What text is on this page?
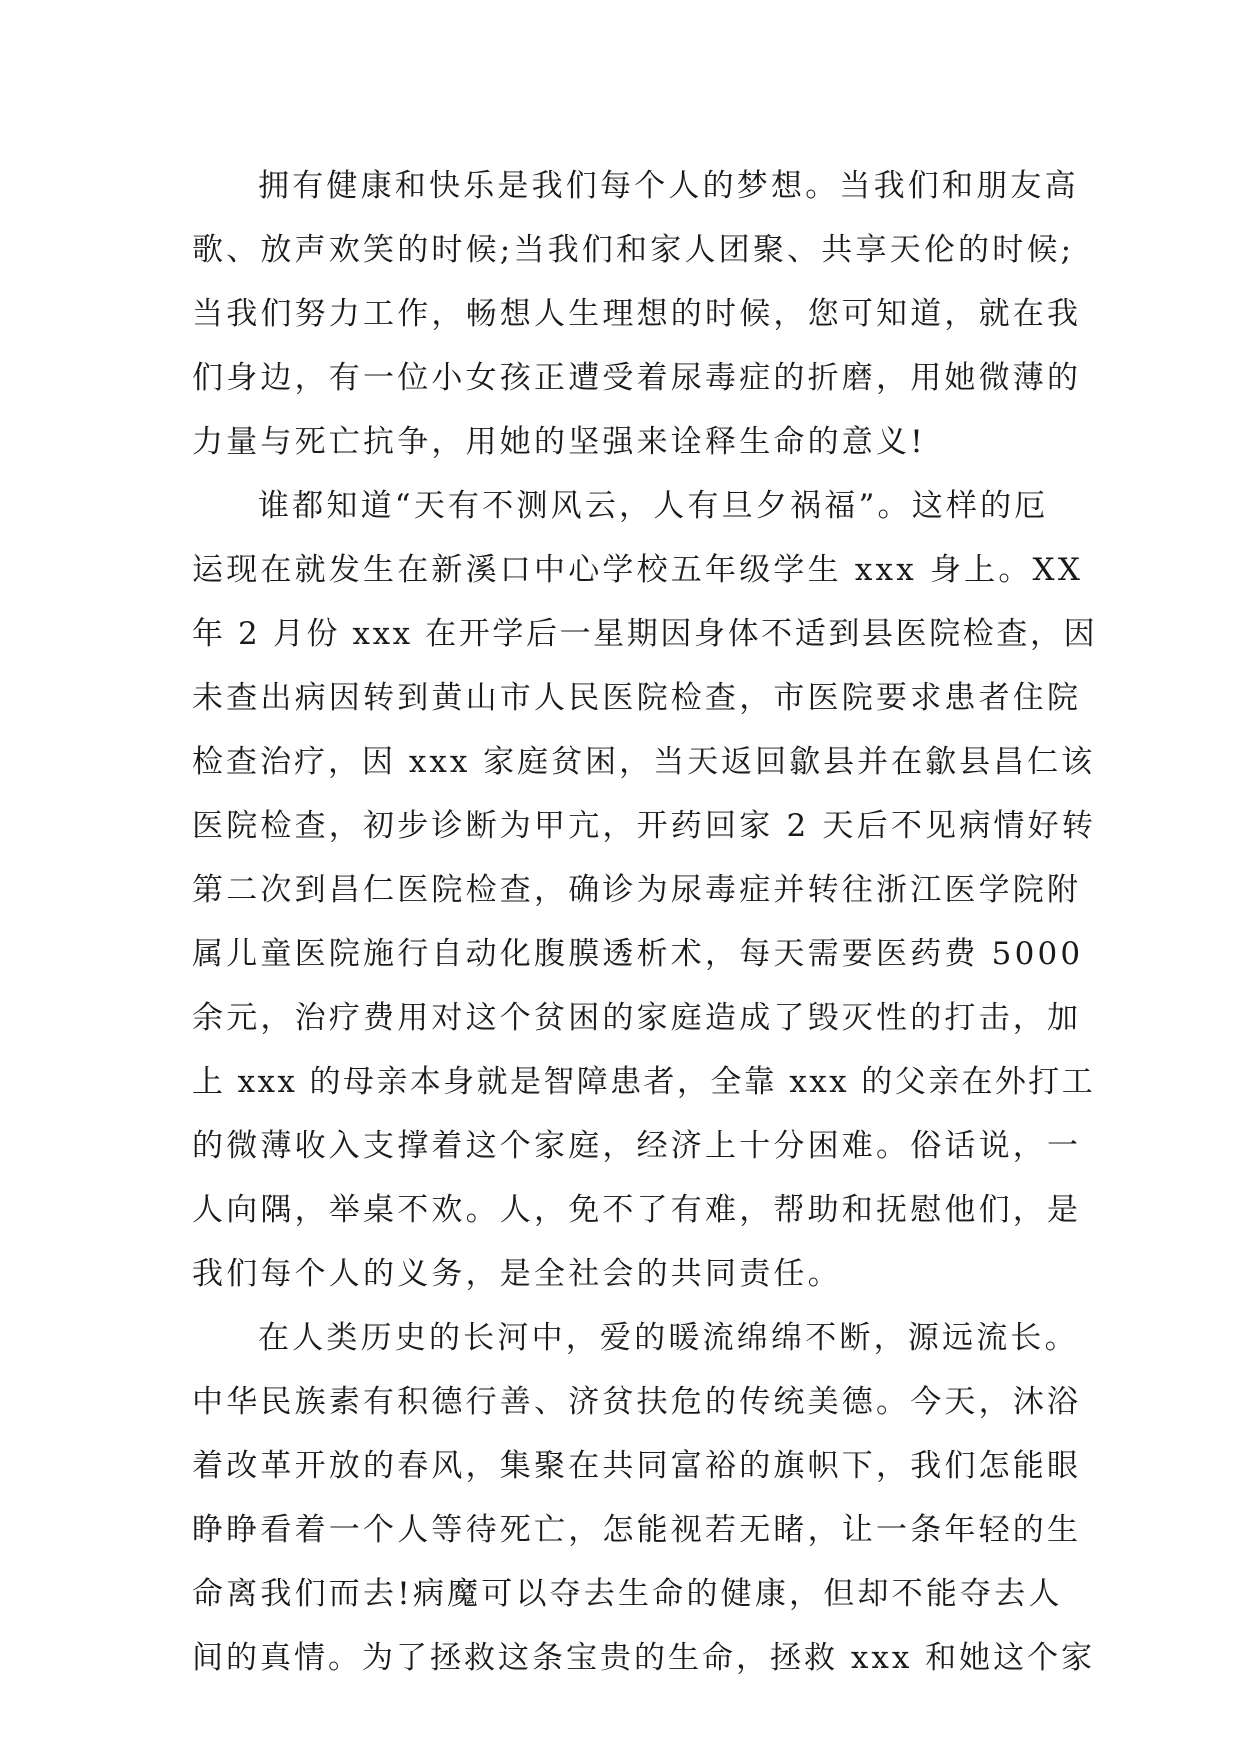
拥有健康和快乐是我们每个人的梦想。当我们和朋友高
歌、放声欢笑的时候;当我们和家人团聚、共享天伦的时候;
当我们努力工作，畅想人生理想的时候，您可知道，就在我
们身边，有一位小女孩正遭受着尿毒症的折磨，用她微薄的
力量与死亡抗争，用她的坚强来诠释生命的意义!
谁都知道“天有不测风云，人有旦夕祸福”。这样的厄
运现在就发生在新溪口中心学校五年级学生 xxx 身上。XX
年 2 月份 xxx 在开学后一星期因身体不适到县医院检查，因
未查出病因转到黄山市人民医院检查，市医院要求患者住院
检查治疗，因 xxx 家庭贫困，当天返回歙县并在歙县昌仁该
医院检查，初步诊断为甲亢，开药回家 2 天后不见病情好转
第二次到昌仁医院检查，确诊为尿毒症并转往浙江医学院附
属儿童医院施行自动化腹膜透析术，每天需要医药费 5000
余元，治疗费用对这个贫困的家庭造成了毁灭性的打击，加
上 xxx 的母亲本身就是智障患者，全靠 xxx 的父亲在外打工
的微薄收入支撑着这个家庭，经济上十分困难。俗话说，一
人向隅，举桌不欢。人，免不了有难，帮助和抚慰他们，是
我们每个人的义务，是全社会的共同责任。
在人类历史的长河中，爱的暖流绵绵不断，源远流长。
中华民族素有积德行善、济贫扶危的传统美德。今天，沐浴
着改革开放的春风，集聚在共同富裕的旗帜下，我们怎能眼
睁睁看着一个人等待死亡，怎能视若无睹，让一条年轻的生
命离我们而去!病魔可以夺去生命的健康，但却不能夺去人
间的真情。为了拯救这条宝贵的生命，拯救 xxx 和她这个家
